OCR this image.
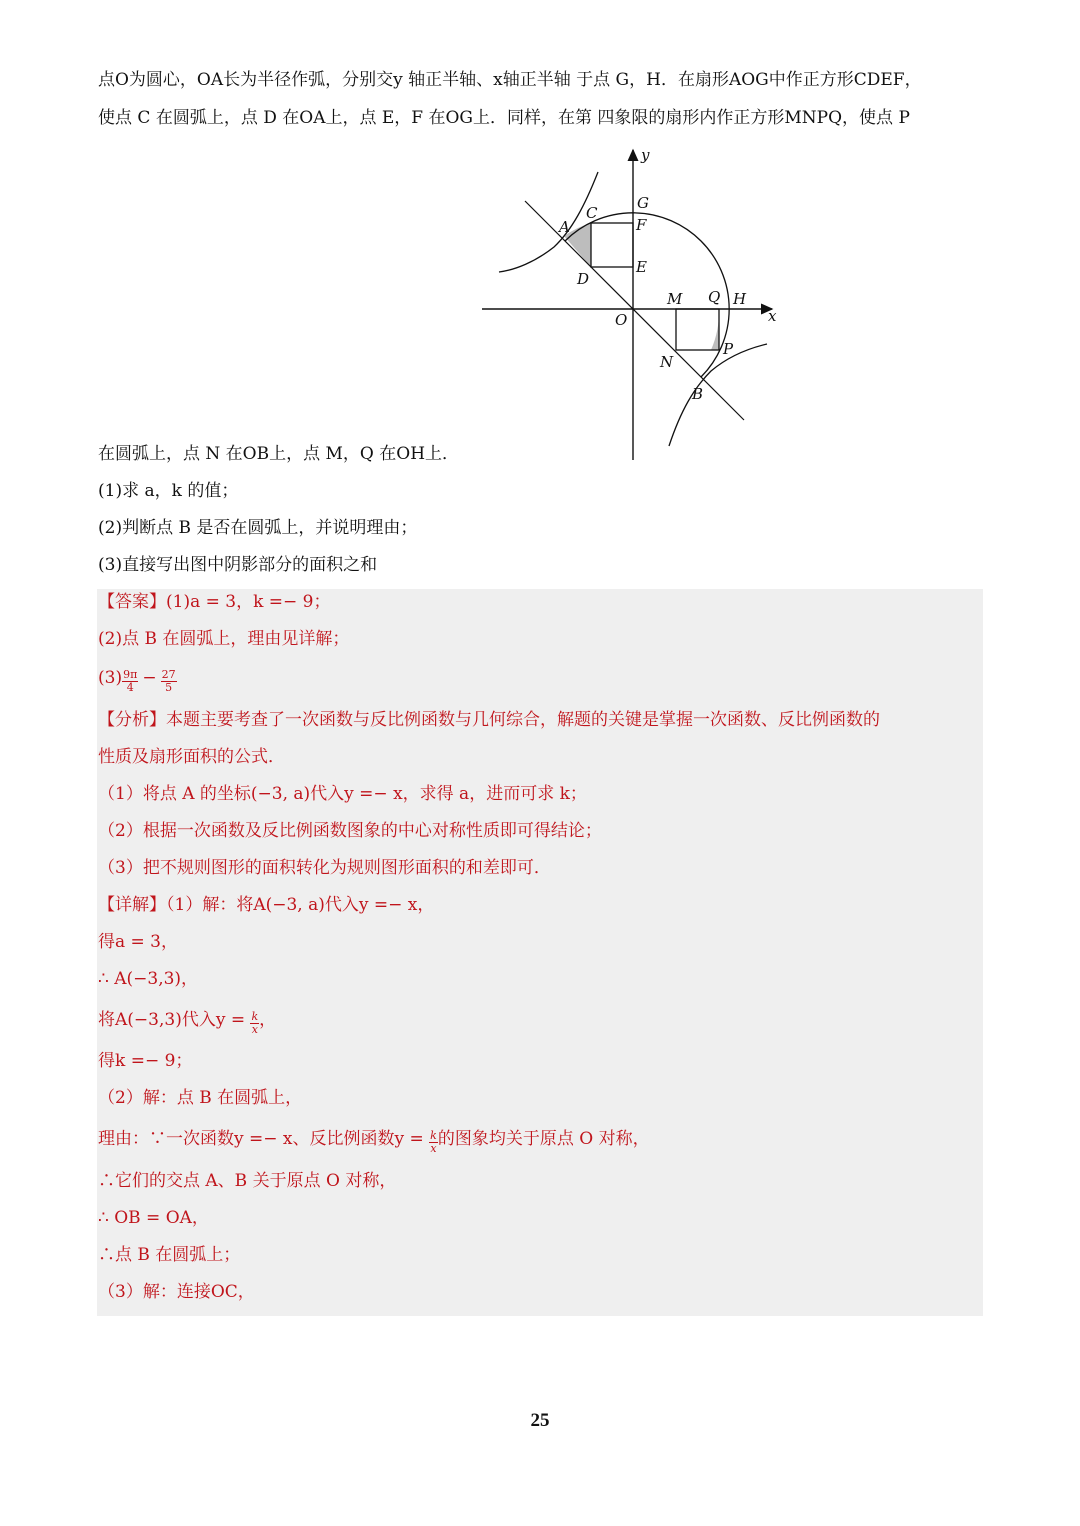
点O为圆心，OA长为半径作弧，分别交y 轴正半轴、x轴正半轴 于点 G，H．在扇形AOG中作正方形CDEF，
使点 C 在圆弧上，点 D 在OA上，点 E，F 在OG上．同样，在第 四象限的扇形内作正方形MNPQ，使点 P
在圆弧上，点 N 在OB上，点 M，Q 在OH上．
(1)求 a，k 的值；
(2)判断点 B 是否在圆弧上，并说明理由；
(3)直接写出图中阴影部分的面积之和
y
x
O
G
F
E
A
C
D
M Q H
N
P
B
【答案】(1)a = 3，k =− 9；
(2)点 B 在圆弧上，理由见详解；
$(3) \frac{9\pi}{4} - \frac{27}{5}$
【分析】本题主要考查了一次函数与反比例函数与几何综合，解题的关键是掌握一次函数、反比例函数的
性质及扇形面积的公式．
（1）将点 A 的坐标(−3, a)代入y =− x，求得 a，进而可求 k；
（2）根据一次函数及反比例函数图象的中心对称性质即可得结论；
（3）把不规则图形的面积转化为规则图形面积的和差即可．
【详解】（1）解：将A(−3, a)代入y =− x，
得a = 3，
∴ A(−3,3)，
将A(−3,3)代入$y = \frac{k}{x}$ ，
得k =− 9；
（2）解：点 B 在圆弧上，
理由：∵一次函数y =− x、反比例函数$y = \frac{k}{x}$ 的图象均关于原点 O 对称，
∴它们的交点 A、B 关于原点 O 对称，
∴ OB = OA，
∴点 B 在圆弧上；
（3）解：连接OC，
25
